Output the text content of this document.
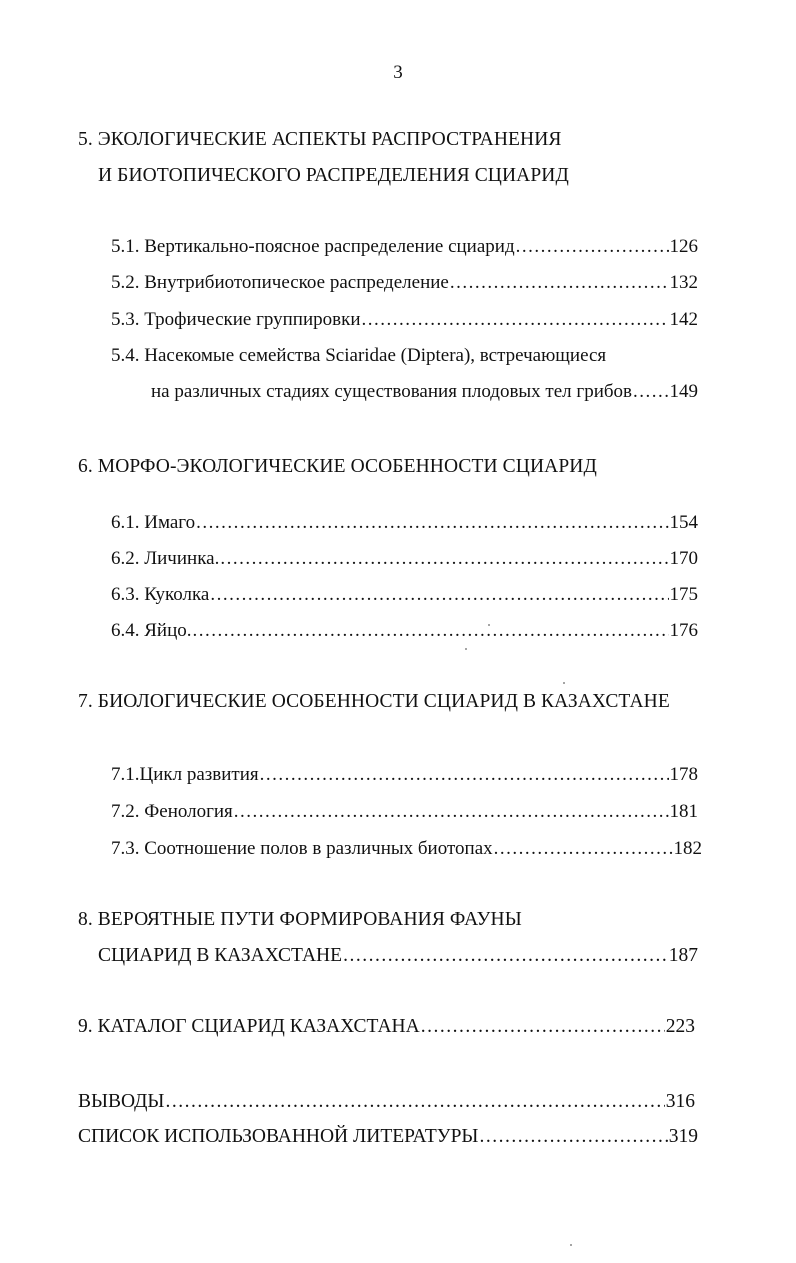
3
5. ЭКОЛОГИЧЕСКИЕ АСПЕКТЫ РАСПРОСТРАНЕНИЯ
И БИОТОПИЧЕСКОГО РАСПРЕДЕЛЕНИЯ СЦИАРИД
5.1. Вертикально-поясное распределение сциарид .....	126
5.2. Внутрибиотопическое распределение .....	132
5.3. Трофические группировки .....	142
5.4. Насекомые семейства Sciaridae (Diptera), встречающиеся
на различных стадиях существования плодовых тел грибов ..... 149
6. МОРФО-ЭКОЛОГИЧЕСКИЕ ОСОБЕННОСТИ СЦИАРИД
6.1. Имаго .....	154
6.2. Личинка. .....	170
6.3. Куколка .....	175
6.4. Яйцо. .....	176
7. БИОЛОГИЧЕСКИЕ ОСОБЕННОСТИ СЦИАРИД В КАЗАХСТАНЕ
7.1.Цикл развития .....	178
7.2. Фенология .....	181
7.3. Соотношение полов в различных биотопах .....	182
8. ВЕРОЯТНЫЕ ПУТИ ФОРМИРОВАНИЯ ФАУНЫ
СЦИАРИД В КАЗАХСТАНЕ .....	187
9. КАТАЛОГ СЦИАРИД КАЗАХСТАНА .....	223
ВЫВОДЫ .....	316
СПИСОК ИСПОЛЬЗОВАННОЙ ЛИТЕРАТУРЫ .....	319
